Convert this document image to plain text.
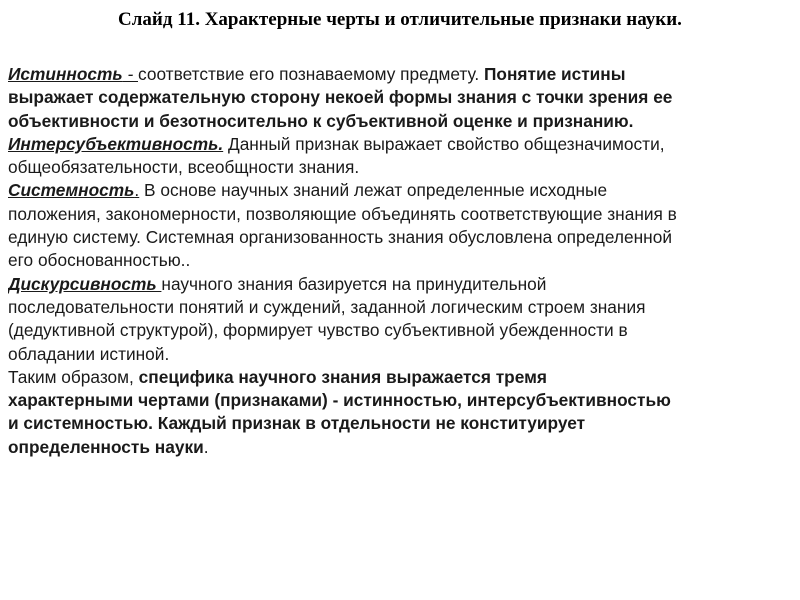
Слайд 11. Характерные черты и отличительные признаки науки.
Истинность - соответствие его познаваемому предмету. Понятие истины
выражает содержательную сторону некоей формы знания с точки зрения ее
объективности и безотносительно к субъективной оценке и признанию.
Интерсубъективность. Данный признак выражает свойство общезначимости,
общеобязательности, всеобщности знания.
Системность. В основе научных знаний лежат определенные исходные
положения, закономерности, позволяющие объединять соответствующие знания в
единую систему. Системная организованность знания обусловлена определенной
его обоснованностью..
Дискурсивность научного знания базируется на принудительной
последовательности понятий и суждений, заданной логическим строем знания
(дедуктивной структурой), формирует чувство субъективной убежденности в
обладании истиной.
Таким образом, специфика научного знания выражается тремя
характерными чертами (признаками) - истинностью, интерсубъективностью
и системностью. Каждый признак в отдельности не конституирует
определенность науки.
